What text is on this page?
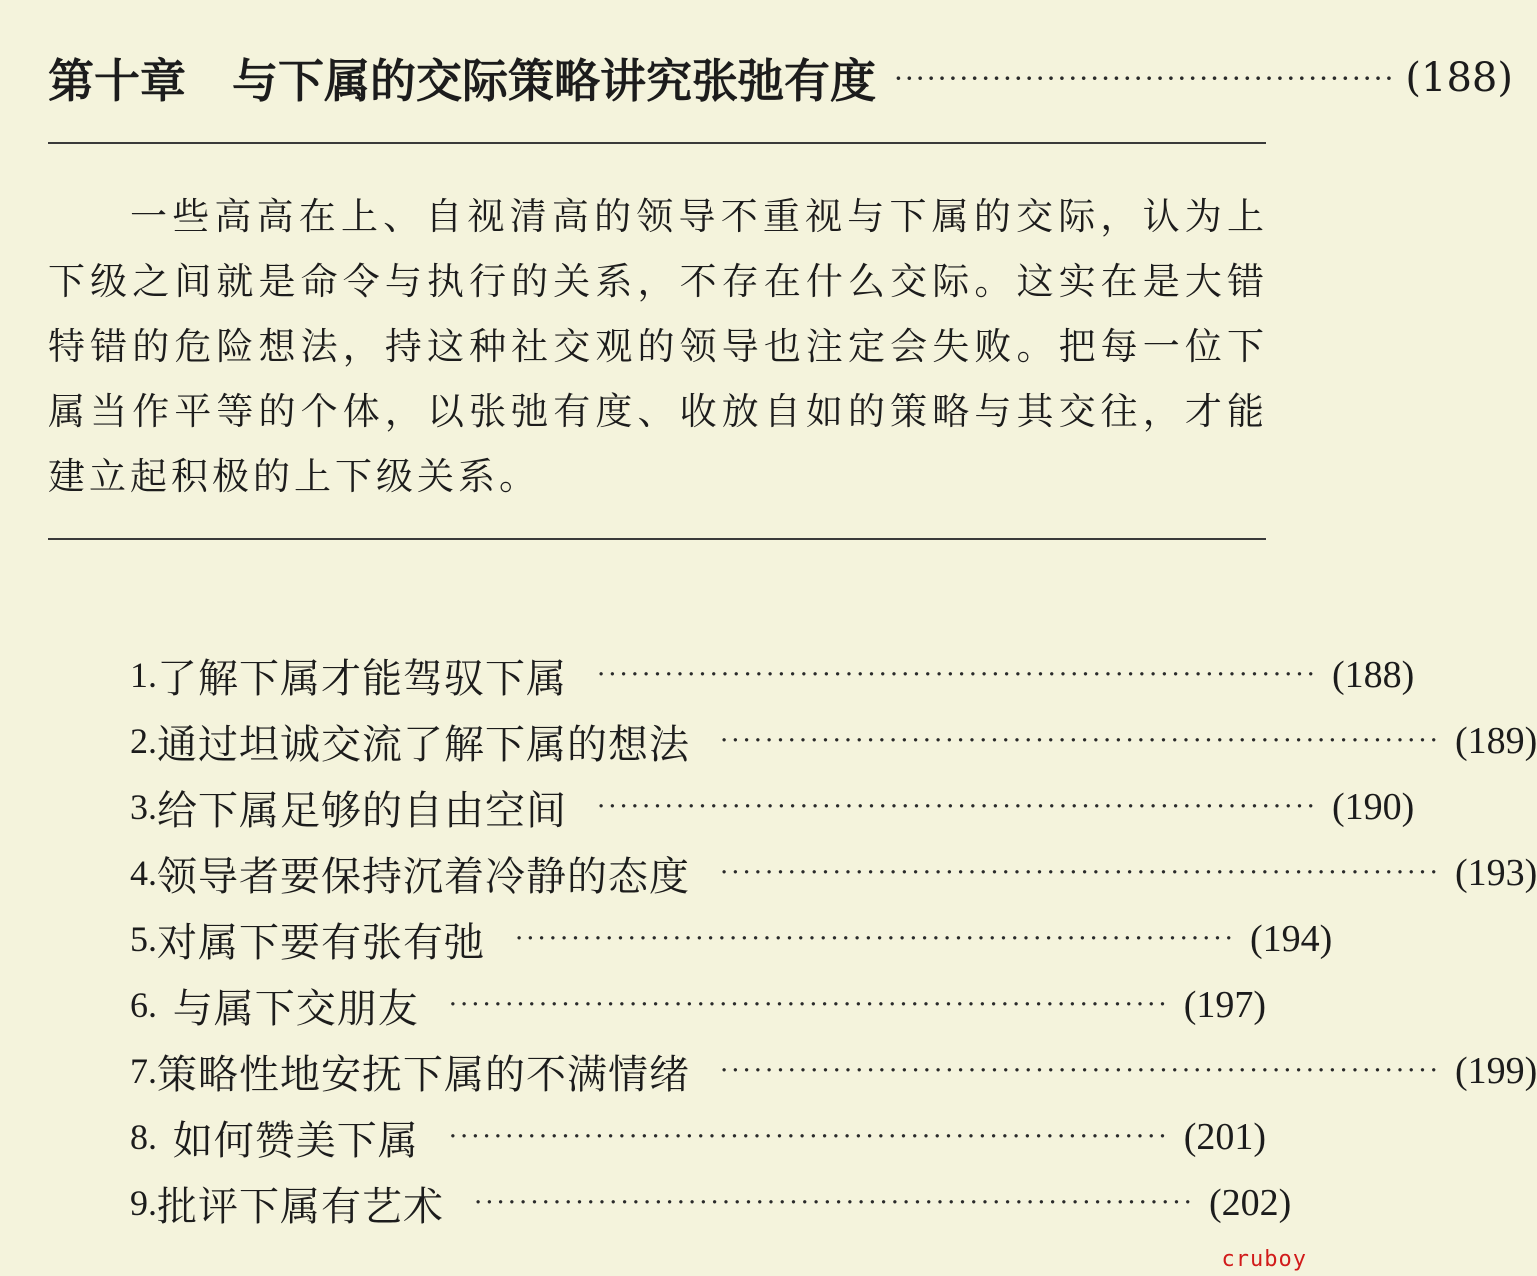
第十章 与下属的交际策略讲究张弛有度 ·············································· (188)

一些高高在上、自视清高的领导不重视与下属的交际，认为上下级之间就是命令与执行的关系，不存在什么交际。这实在是大错特错的危险想法，持这种社交观的领导也注定会失败。把每一位下属当作平等的个体，以张弛有度、收放自如的策略与其交往，才能建立起积极的上下级关系。

1. 了解下属才能驾驭下属 ································································ (188)
2. 通过坦诚交流了解下属的想法 ································································ (189)
3. 给下属足够的自由空间 ································································ (190)
4. 领导者要保持沉着冷静的态度 ································································ (193)
5. 对属下要有张有弛 ································································ (194)
6. 与属下交朋友 ································································ (197)
7. 策略性地安抚下属的不满情绪 ································································ (199)
8. 如何赞美下属 ································································ (201)
9. 批评下属有艺术 ································································ (202)
cruboy
